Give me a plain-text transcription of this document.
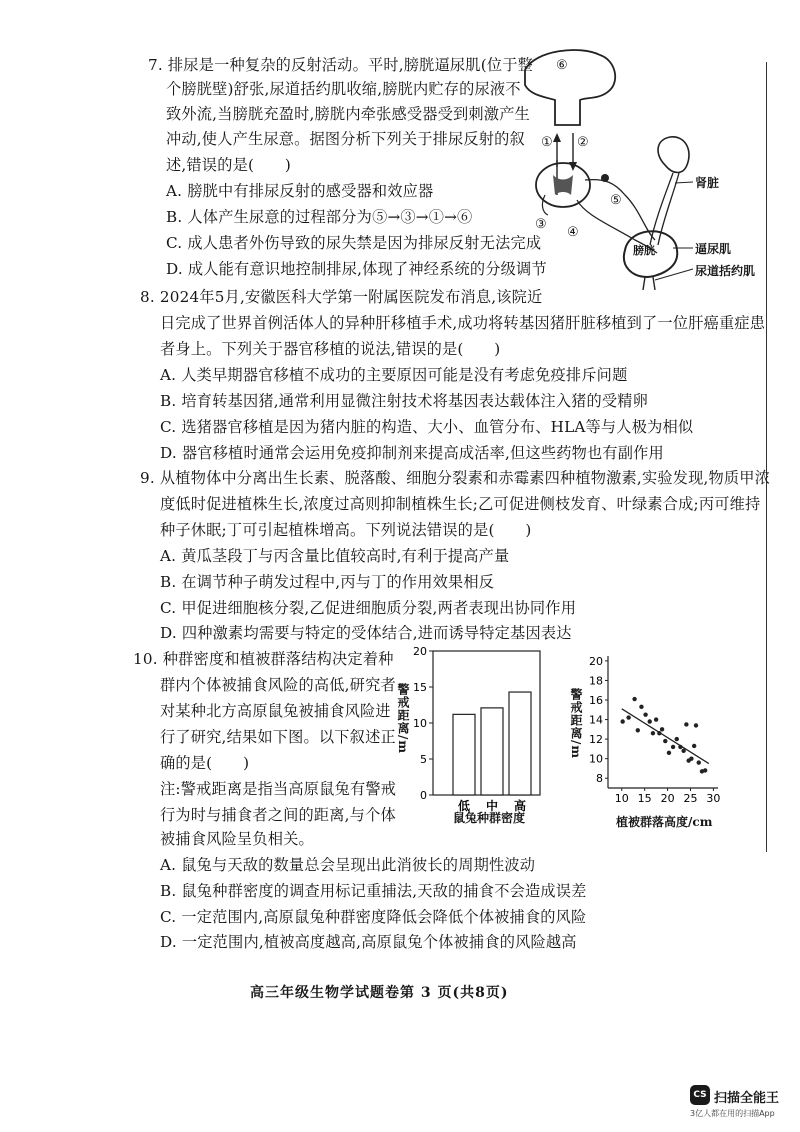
7. 排尿是一种复杂的反射活动。平时,膀胱逼尿肌(位于整
个膀胱壁)舒张,尿道括约肌收缩,膀胱内贮存的尿液不
致外流,当膀胱充盈时,膀胱内牵张感受器受到刺激产生
冲动,使人产生尿意。据图分析下列关于排尿反射的叙
述,错误的是(　　)
A. 膀胱中有排尿反射的感受器和效应器
B. 人体产生尿意的过程部分为⑤→③→①→⑥
C. 成人患者外伤导致的尿失禁是因为排尿反射无法完成
D. 成人能有意识地控制排尿,体现了神经系统的分级调节
⑥
① ②
③
④
⑤
肾脏
膀胱	逼尿肌
尿道括约肌
8. 2024年5月,安徽医科大学第一附属医院发布消息,该院近
日完成了世界首例活体人的异种肝移植手术,成功将转基因猪肝脏移植到了一位肝癌重症患
者身上。下列关于器官移植的说法,错误的是(　　)
A. 人类早期器官移植不成功的主要原因可能是没有考虑免疫排斥问题
B. 培育转基因猪,通常利用显微注射技术将基因表达载体注入猪的受精卵
C. 选猪器官移植是因为猪内脏的构造、大小、血管分布、HLA等与人极为相似
D. 器官移植时通常会运用免疫抑制剂来提高成活率,但这些药物也有副作用
9. 从植物体中分离出生长素、脱落酸、细胞分裂素和赤霉素四种植物激素,实验发现,物质甲浓
度低时促进植株生长,浓度过高则抑制植株生长;乙可促进侧枝发育、叶绿素合成;丙可维持
种子休眠;丁可引起植株增高。下列说法错误的是(　　)
A. 黄瓜茎段丁与丙含量比值较高时,有利于提高产量
B. 在调节种子萌发过程中,丙与丁的作用效果相反
C. 甲促进细胞核分裂,乙促进细胞质分裂,两者表现出协同作用
D. 四种激素均需要与特定的受体结合,进而诱导特定基因表达
10. 种群密度和植被群落结构决定着种
群内个体被捕食风险的高低,研究者
对某种北方高原鼠兔被捕食风险进
行了研究,结果如下图。以下叙述正
确的是(　　)
注:警戒距离是指当高原鼠兔有警戒
行为时与捕食者之间的距离,与个体
被捕食风险呈负相关。
A. 鼠兔与天敌的数量总会呈现出此消彼长的周期性波动
B. 鼠兔种群密度的调查用标记重捕法,天敌的捕食不会造成误差
C. 一定范围内,高原鼠兔种群密度降低会降低个体被捕食的风险
D. 一定范围内,植被高度越高,高原鼠兔个体被捕食的风险越高
0
5
10
15
20
低 中 高
警戒距离/m
鼠兔种群密度
8
10
12
14
16
18
20
10 15 20 25 30
警戒距离/m
植被群落高度/cm
高三年级生物学试题卷第 3 页(共8页)
CS 扫描全能王
3亿人都在用的扫描App
